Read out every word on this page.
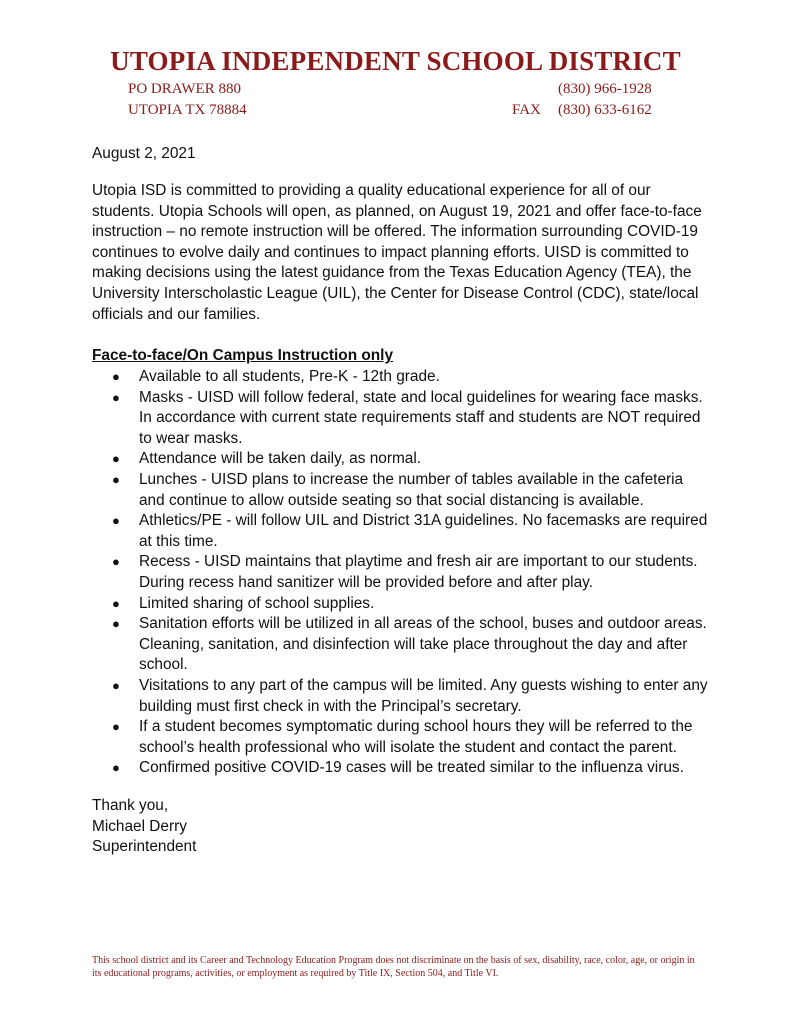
UTOPIA INDEPENDENT SCHOOL DISTRICT
PO DRAWER 880
UTOPIA TX 78884
(830) 966-1928
FAX (830) 633-6162
August 2, 2021
Utopia ISD is committed to providing a quality educational experience for all of our students. Utopia Schools will open, as planned, on August 19, 2021 and offer face-to-face instruction – no remote instruction will be offered. The information surrounding COVID-19 continues to evolve daily and continues to impact planning efforts. UISD is committed to making decisions using the latest guidance from the Texas Education Agency (TEA), the University Interscholastic League (UIL), the Center for Disease Control (CDC), state/local officials and our families.
Face-to-face/On Campus Instruction only
● Available to all students, Pre-K - 12th grade.
● Masks - UISD will follow federal, state and local guidelines for wearing face masks. In accordance with current state requirements staff and students are NOT required to wear masks.
● Attendance will be taken daily, as normal.
● Lunches - UISD plans to increase the number of tables available in the cafeteria and continue to allow outside seating so that social distancing is available.
● Athletics/PE - will follow UIL and District 31A guidelines. No facemasks are required at this time.
● Recess - UISD maintains that playtime and fresh air are important to our students. During recess hand sanitizer will be provided before and after play.
● Limited sharing of school supplies.
● Sanitation efforts will be utilized in all areas of the school, buses and outdoor areas. Cleaning, sanitation, and disinfection will take place throughout the day and after school.
● Visitations to any part of the campus will be limited. Any guests wishing to enter any building must first check in with the Principal’s secretary.
● If a student becomes symptomatic during school hours they will be referred to the school’s health professional who will isolate the student and contact the parent.
● Confirmed positive COVID-19 cases will be treated similar to the influenza virus.
Thank you,
Michael Derry
Superintendent
This school district and its Career and Technology Education Program does not discriminate on the basis of sex, disability, race, color, age, or origin in its educational programs, activities, or employment as required by Title IX, Section 504, and Title VI.
